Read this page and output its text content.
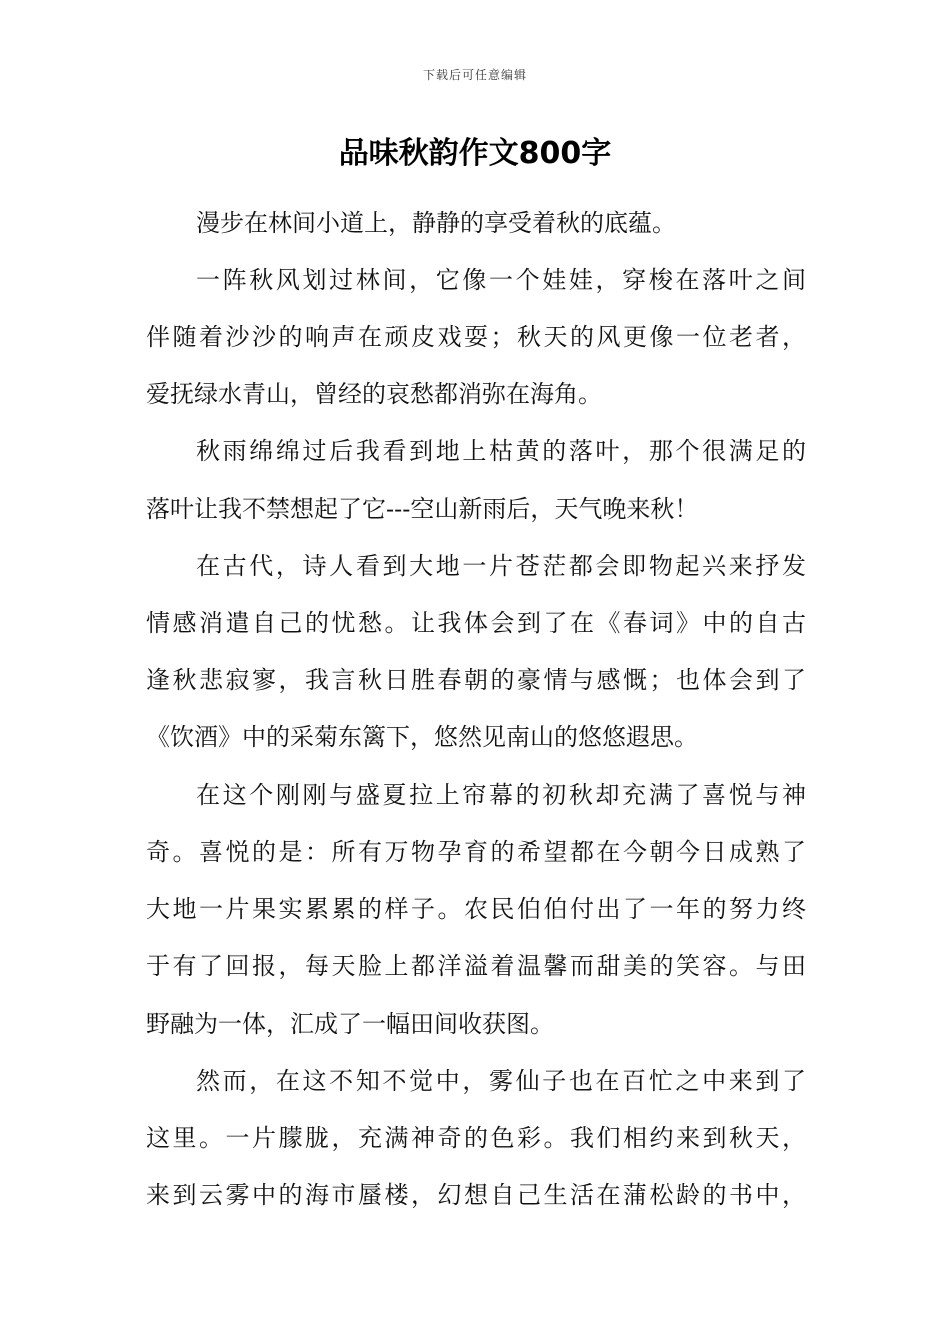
下载后可任意编辑
品味秋韵作文800字
漫步在林间小道上，静静的享受着秋的底蕴。
一阵秋风划过林间，它像一个娃娃，穿梭在落叶之间
伴随着沙沙的响声在顽皮戏耍；秋天的风更像一位老者，
爱抚绿水青山，曾经的哀愁都消弥在海角。
秋雨绵绵过后我看到地上枯黄的落叶，那个很满足的
落叶让我不禁想起了它---空山新雨后，天气晚来秋！
在古代，诗人看到大地一片苍茫都会即物起兴来抒发
情感消遣自己的忧愁。让我体会到了在《春词》中的自古
逢秋悲寂寥，我言秋日胜春朝的豪情与感慨；也体会到了
《饮酒》中的采菊东篱下，悠然见南山的悠悠遐思。
在这个刚刚与盛夏拉上帘幕的初秋却充满了喜悦与神
奇。喜悦的是：所有万物孕育的希望都在今朝今日成熟了
大地一片果实累累的样子。农民伯伯付出了一年的努力终
于有了回报，每天脸上都洋溢着温馨而甜美的笑容。与田
野融为一体，汇成了一幅田间收获图。
然而，在这不知不觉中，雾仙子也在百忙之中来到了
这里。一片朦胧，充满神奇的色彩。我们相约来到秋天，
来到云雾中的海市蜃楼，幻想自己生活在蒲松龄的书中，
